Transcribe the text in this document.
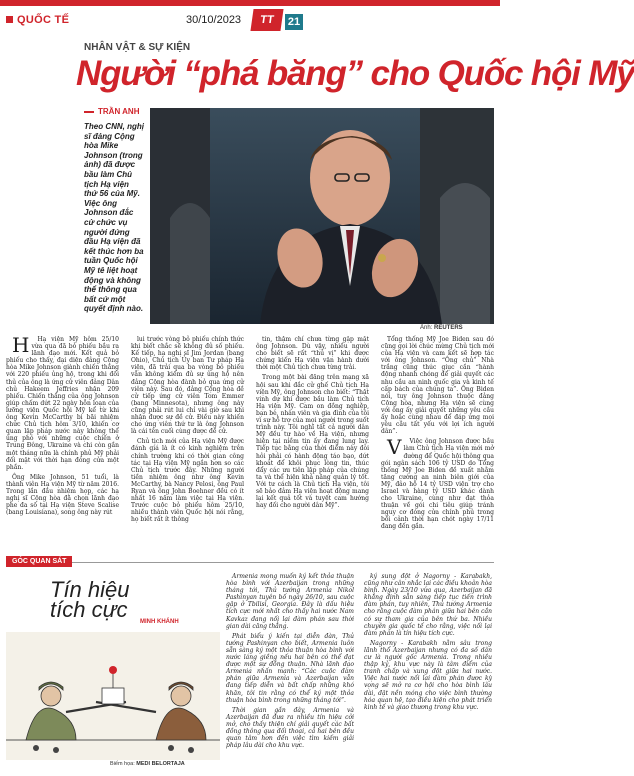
QUỐC TẾ	30/10/2023	TT	21
NHÂN VẬT & SỰ KIỆN
Người “phá băng” cho Quốc hội Mỹ
TRẦN ANH
Theo CNN, nghị sĩ đảng Cộng hòa Mike Johnson (trong ảnh) đã được bầu làm Chủ tịch Hạ viện thứ 56 của Mỹ. Việc ông Johnson đắc cử chức vụ người đứng đầu Hạ viện đã kết thúc hơn ba tuần Quốc hội Mỹ tê liệt hoạt động và không thể thông qua bất cứ một quyết định nào.
Ảnh: REUTERS

H Hạ viện Mỹ hôm 25/10 vừa qua đã bỏ phiếu bầu ra lãnh đạo mới. Kết quả bỏ phiếu cho thấy, đại diện đảng Cộng hòa Mike Johnson giành chiến thắng với 220 phiếu ủng hộ, trong khi đối thủ của ông là ứng cử viên đảng Dân chủ Hakeem Jeffries nhận 209 phiếu. Chiến thắng của ông Johnson giúp chấm dứt 22 ngày hỗn loạn của lưỡng viện Quốc hội Mỹ kể từ khi ông Kevin McCarthy bị bãi nhiệm chức Chủ tịch hôm 3/10, khiến cơ quan lập pháp nước này không thể ủng phó với những cuộc chiến ở Trung Đông, Ukraine và chi còn gần một tháng nữa là chính phủ Mỹ phải đối mặt với thời hạn đóng cửa một phần.

Ông Mike Johnson, 51 tuổi, là thành viên Hạ viện Mỹ từ năm 2016. Trong lần đầu nhiệm họp, các hạ nghị sĩ Cộng hòa đã chọn lãnh đạo phe đa số tại Hạ viện Steve Scalise (bang Louisiana), song ông này rút

lui trước vòng bỏ phiếu chính thức khi biết chắc sẽ không đủ số phiếu. Kế tiếp, hạ nghị sĩ Jim Jordan (bang Ohio), Chủ tịch Ủy ban Tư pháp Hạ viện, đã trải qua ba vòng bỏ phiếu vẫn không kiếm đủ sự ủng hộ nên đảng Cộng hòa đành bỏ qua ứng cử viên này. Sau đó, đảng Cộng hòa đề cử tiếp ứng cử viên Tom Emmer (bang Minnesota), nhưng ông này cũng phải rút lui chỉ vài giờ sau khi nhận được sự đề cử. Điều này khiến cho ứng viên thứ tư là ông Johnson là cái tên cuối cùng được đề cử.

Chủ tịch mới của Hạ viện Mỹ được đánh giá là ít có kinh nghiệm trên chính trường khi có thời gian công tác tại Hạ viện Mỹ ngắn hơn so các Chủ tịch trước đây. Những người tiền nhiệm ông như ông Kevin McCarthy, bà Nancy Pelosi, ông Paul Ryan và ông John Boehner đều có ít nhất 16 năm làm việc tại Hạ viện. Trước cuộc bỏ phiếu hôm 25/10, nhiều thành viên Quốc hội nói rằng, họ biết rất ít thông

tin, thậm chí chưa từng gặp mặt ông Johnson. Dù vậy, nhiều người cho biết sẽ rất “thủ vị” khi được chứng kiến Hạ viện vận hành dưới thời một Chủ tịch chưa từng trải.

Trong một bài đăng trên mạng xã hội sau khi đắc cử ghế Chủ tịch Hạ viện Mỹ, ông Johnson cho biết: “Thật vinh dự khi được bầu làm Chủ tịch Hạ viện Mỹ. Cam on đồng nghiệp, bạn bè, nhân viên và gia đình của tôi vì sự hỗ trợ của mọi người trong suốt trình này. Tôi nghĩ tất cả người dân Mỹ đều tự hào về Hạ viện, nhưng hiện tại niềm tin ấy đang lung lay. Tiếp tục bằng của thời điểm này đòi hỏi phải có hành động táo bạo, dứt khoát để khôi phục lòng tin, thúc đẩy các ưu tiên lập pháp của chúng ta và thể hiện khả năng quản lý tốt. Với tư cách là Chủ tịch Hạ viện, tôi sẽ bảo đảm Hạ viện hoạt động mang lại kết quả tốt và tuyệt cam hướng hay đối cho người dân Mỹ”.

Tổng thống Mỹ Joe Biden sau đó cũng gọi lời chúc mừng Chủ tịch mới của Hạ viện và cam kết sẽ hợp tác với ông Johnson. “Ông chủ” Nhà trắng cũng thúc giục cần “hành động nhanh chóng để giải quyết các nhu cầu an ninh quốc gia và kinh tế cấp bách của chúng ta”. Ông Biden nói, tuy ông Johnson thuộc đảng Cộng hòa, nhưng Hạ viện sẽ cùng với ông ấy giải quyết những yêu cầu ấy hoặc cùng nhau để đáp ứng mọi yêu cầu tất yếu với lợi ích người dân”.

V Việc ông Johnson được bầu làm Chủ tịch Hạ viện mới mở đường để Quốc hội thông qua gói ngân sách 106 tỷ USD do Tổng thống Mỹ Joe Biden đề xuất nhằm tăng cường an ninh biên giới của Mỹ, đảo hộ 14 tỷ USD viện trợ cho Israel và hàng tỷ USD khác dành cho Ukraine, cùng như đạt thỏa thuận về gói chi tiêu giúp tránh nguy cơ đóng cửa chính phủ trong bối cảnh thời hạn chót ngày 17/11 đang đến gần.

GÓC QUAN SÁT
Tín hiệu tích cực	MINH KHÁNH
Biếm họa: MEDI BELORTAJA

Armenia mong muốn ký kết thỏa thuận hòa bình với Azerbaijan trong những tháng tới, Thủ tướng Armenia Nikol Pashinyan tuyên bố ngày 26/10, sau cuộc gặp ở Tbilisi, Georgia. Đây là dấu hiệu tích cực mới nhất cho thấy hai nước Nam Kavkaz đang nối lại đàm phán sau thời gian dài căng thẳng.

Phát biểu ý kiến tại diễn đàn, Thủ tướng Pashinyan cho biết, Armenia luôn sẵn sàng ký một thỏa thuận hòa bình với nước láng giềng nếu hai bên có thể đạt được một sự đồng thuận. Nhà lãnh đạo Armenia nhấn mạnh: “Các cuộc đàm phán giữa Armenia và Azerbaijan vẫn đang tiếp diễn và bất chấp những khó khăn, tôi tin rằng có thể ký một thỏa thuận hòa bình trong những tháng tới”.

Thời gian gần đây, Armenia và Azerbaijan đã đưa ra nhiều tín hiệu cởi mở, cho thấy thiện chí giải quyết các bất đồng thông qua đối thoại, cả hai bên đều quan tâm hơn đến việc tìm kiếm giải pháp lâu dài cho khu vực.

ký sung đột ở Nagorny - Karabakh, cũng như cân nhắc lại các điều khoản hòa bình. Ngày 23/10 vừa qua, Azerbaijan đã khẳng định sẵn sàng tiếp tục tiến trình đàm phán, tuy nhiên, Thủ tướng Armenia cho rằng cuộc đàm phán giữa hai bên cần có sự tham gia của bên thứ ba. Nhiều chuyên gia quốc tế cho rằng, việc nối lại đàm phán là tín hiệu tích cực.

Nagorny - Karabakh nằm sâu trong lãnh thổ Azerbaijan nhưng có đa số dân cư là người gốc Armenia. Trong nhiều thập kỷ, khu vực này là tâm điểm của tranh chấp và xung đột giữa hai nước. Việc hai nước nối lại đàm phán được kỳ vọng sẽ mở ra cơ hội cho hòa bình lâu dài, đặt nền móng cho việc bình thường hóa quan hệ, tạo điều kiện cho phát triển kinh tế và giao thương trong khu vực.
